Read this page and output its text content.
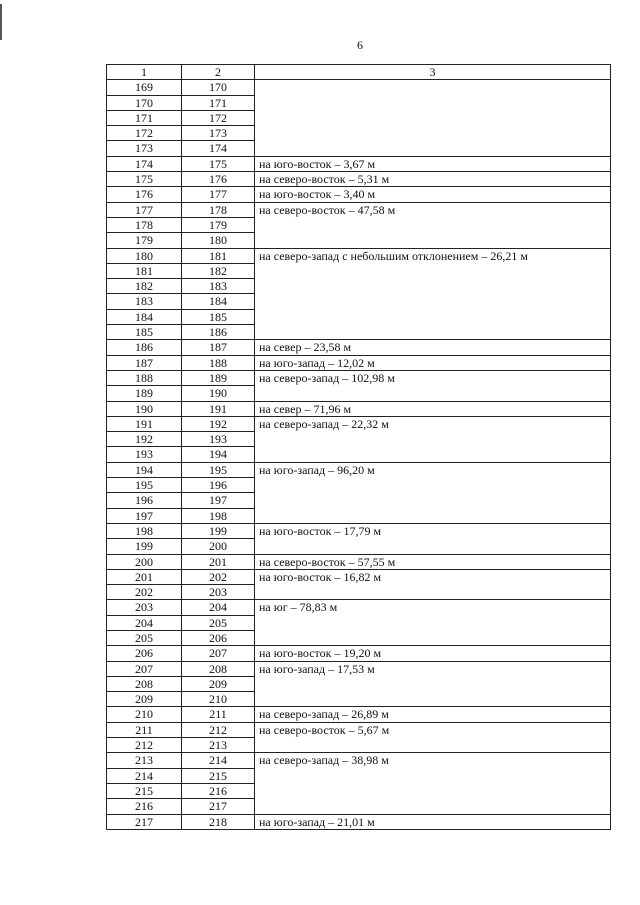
6
1	2	3
169	170	
170	171	
171	172	
172	173	
173	174	
174	175	на юго-восток – 3,67 м
175	176	на северо-восток – 5,31 м
176	177	на юго-восток – 3,40 м
177	178	на северо-восток – 47,58 м
178	179	
179	180	
180	181	на северо-запад с небольшим отклонением – 26,21 м
181	182	
182	183	
183	184	
184	185	
185	186	
186	187	на север – 23,58 м
187	188	на юго-запад – 12,02 м
188	189	на северо-запад – 102,98 м
189	190	
190	191	на север – 71,96 м
191	192	на северо-запад – 22,32 м
192	193	
193	194	
194	195	на юго-запад – 96,20 м
195	196	
196	197	
197	198	
198	199	на юго-восток – 17,79 м
199	200	
200	201	на северо-восток – 57,55 м
201	202	на юго-восток – 16,82 м
202	203	
203	204	на юг – 78,83 м
204	205	
205	206	
206	207	на юго-восток – 19,20 м
207	208	на юго-запад – 17,53 м
208	209	
209	210	
210	211	на северо-запад – 26,89 м
211	212	на северо-восток – 5,67 м
212	213	
213	214	на северо-запад – 38,98 м
214	215	
215	216	
216	217	
217	218	на юго-запад – 21,01 м
